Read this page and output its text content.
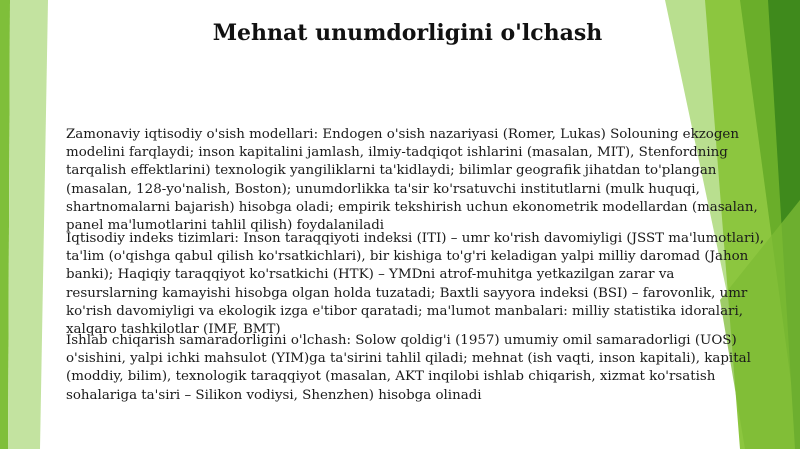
Mehnat unumdorligini o'lchash

Zamonaviy iqtisodiy o'sish modellari: Endogen o'sish nazariyasi (Romer, Lukas) Solouning ekzogen modelini farqlaydi; inson kapitalini jamlash, ilmiy-tadqiqot ishlarini (masalan, MIT), Stenfordning tarqalish effektlarini) texnologik yangiliklarni ta'kidlaydi; bilimlar geografik jihatdan to'plangan (masalan, 128-yo'nalish, Boston); unumdorlikka ta'sir ko'rsatuvchi institutlarni (mulk huquqi, shartnomalarni bajarish) hisobga oladi; empirik tekshirish uchun ekonometrik modellardan (masalan, panel ma'lumotlarini tahlil qilish) foydalaniladi

Iqtisodiy indeks tizimlari: Inson taraqqiyoti indeksi (ITI) – umr ko'rish davomiyligi (JSST ma'lumotlari), ta'lim (o'qishga qabul qilish ko'rsatkichlari), bir kishiga to'g'ri keladigan yalpi milliy daromad (Jahon banki); Haqiqiy taraqqiyot ko'rsatkichi (HTK) – YMDni atrof-muhitga yetkazilgan zarar va resurslarning kamayishi hisobga olgan holda tuzatadi; Baxtli sayyora indeksi (BSI) – farovonlik, umr ko'rish davomiyligi va ekologik izga e'tibor qaratadi; ma'lumot manbalari: milliy statistika idoralari, xalqaro tashkilotlar (IMF, BMT)

Ishlab chiqarish samaradorligini o'lchash: Solow qoldig'i (1957) umumiy omil samaradorligi (UOS) o'sishini, yalpi ichki mahsulot (YIM)ga ta'sirini tahlil qiladi; mehnat (ish vaqti, inson kapitali), kapital (moddiy, bilim), texnologik taraqqiyot (masalan, AKT inqilobi ishlab chiqarish, xizmat ko'rsatish sohalariga ta'siri – Silikon vodiysi, Shenzhen) hisobga olinadi
